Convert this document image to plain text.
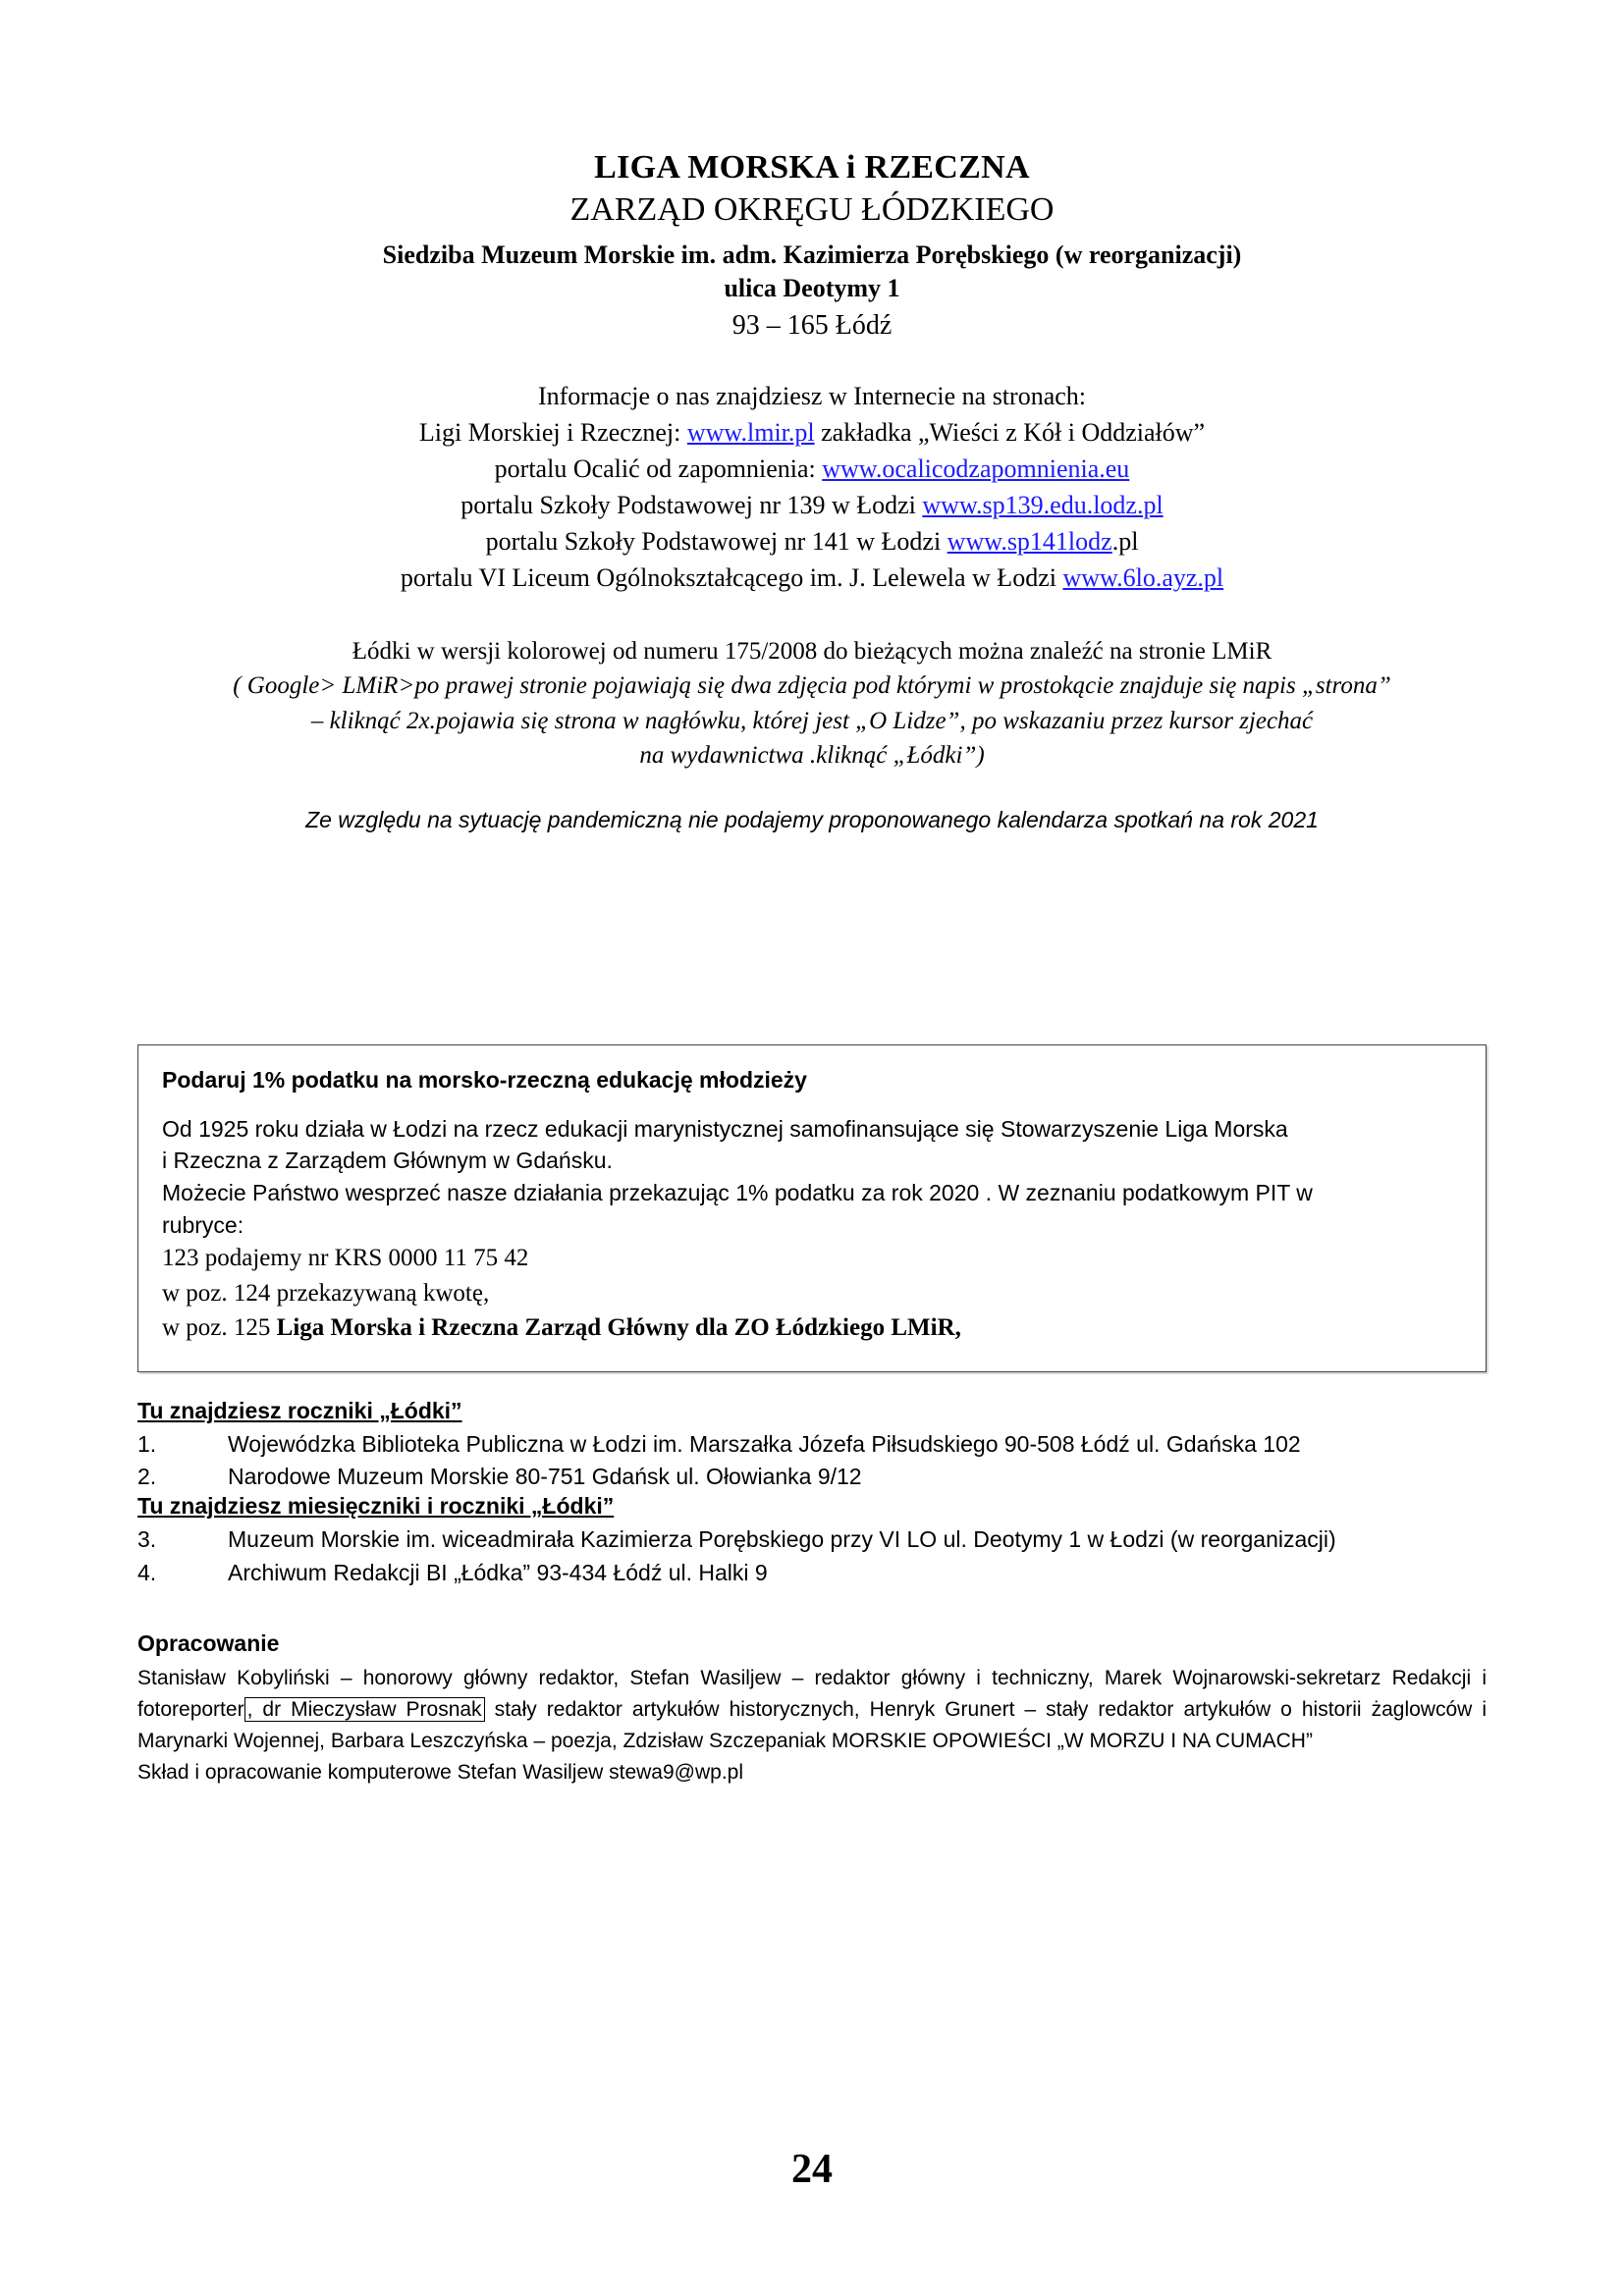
LIGA MORSKA i RZECZNA
ZARZĄD OKRĘGU ŁÓDZKIEGO
Siedziba Muzeum Morskie im. adm. Kazimierza Porębskiego (w reorganizacji)
ulica Deotymy 1
93 – 165 Łódź
Informacje o nas znajdziesz w Internecie na stronach:
Ligi Morskiej i Rzecznej: www.lmir.pl zakładka „Wieści z Kół i Oddziałów”
portalu Ocalić od zapomnienia: www.ocalicodzapomnienia.eu
portalu Szkoły Podstawowej nr 139 w Łodzi www.sp139.edu.lodz.pl
portalu Szkoły Podstawowej nr 141 w Łodzi www.sp141lodz.pl
portalu VI Liceum Ogólnokształcącego im. J. Lelewela w Łodzi www.6lo.ayz.pl
Łódki w wersji kolorowej od numeru 175/2008 do bieżących można znaleźć na stronie LMiR
( Google> LMiR>po prawej stronie pojawiają się dwa zdjęcia pod którymi w prostokącie znajduje się napis „strona”
– kliknąć 2x.pojawia się strona w nagłówku, której jest „O Lidze”, po wskazaniu przez kursor zjechać
na wydawnictwa .kliknąć „Łódki”)
Ze względu na sytuację pandemiczną nie podajemy proponowanego kalendarza spotkań na rok 2021
Podaruj 1% podatku na morsko-rzeczną edukację młodzieży
Od 1925 roku działa w Łodzi na rzecz edukacji marynistycznej samofinansujące się Stowarzyszenie Liga Morska
i Rzeczna z Zarządem Głównym w Gdańsku.
Możecie Państwo wesprzeć nasze działania przekazując 1% podatku za rok 2020 . W zeznaniu podatkowym PIT w
rubryce:
123 podajemy nr KRS 0000 11 75 42
w poz. 124 przekazywaną kwotę,
w poz. 125 Liga Morska i Rzeczna Zarząd Główny dla ZO Łódzkiego LMiR,
Tu znajdziesz roczniki „Łódki”
1.	Wojewódzka Biblioteka Publiczna w Łodzi im. Marszałka Józefa Piłsudskiego 90-508 Łódź ul. Gdańska 102
2.	Narodowe Muzeum Morskie 80-751 Gdańsk ul. Ołowianka 9/12
Tu znajdziesz miesięczniki i roczniki „Łódki”
3.	Muzeum Morskie im. wiceadmirała Kazimierza Porębskiego przy VI LO ul. Deotymy 1 w Łodzi (w reorganizacji)
4.	Archiwum Redakcji BI „Łódka” 93-434 Łódź ul. Halki 9
Opracowanie
Stanisław Kobyliński – honorowy główny redaktor, Stefan Wasiljew – redaktor główny i techniczny, Marek Wojnarowski-sekretarz Redakcji i fotoreporter , dr Mieczysław Prosnak stały redaktor artykułów historycznych, Henryk Grunert – stały redaktor artykułów o historii żaglowców i Marynarki Wojennej, Barbara Leszczyńska – poezja, Zdzisław Szczepaniak MORSKIE OPOWIEŚCI „W MORZU I NA CUMACH”
Skład i opracowanie komputerowe Stefan Wasiljew stewa9@wp.pl
24
